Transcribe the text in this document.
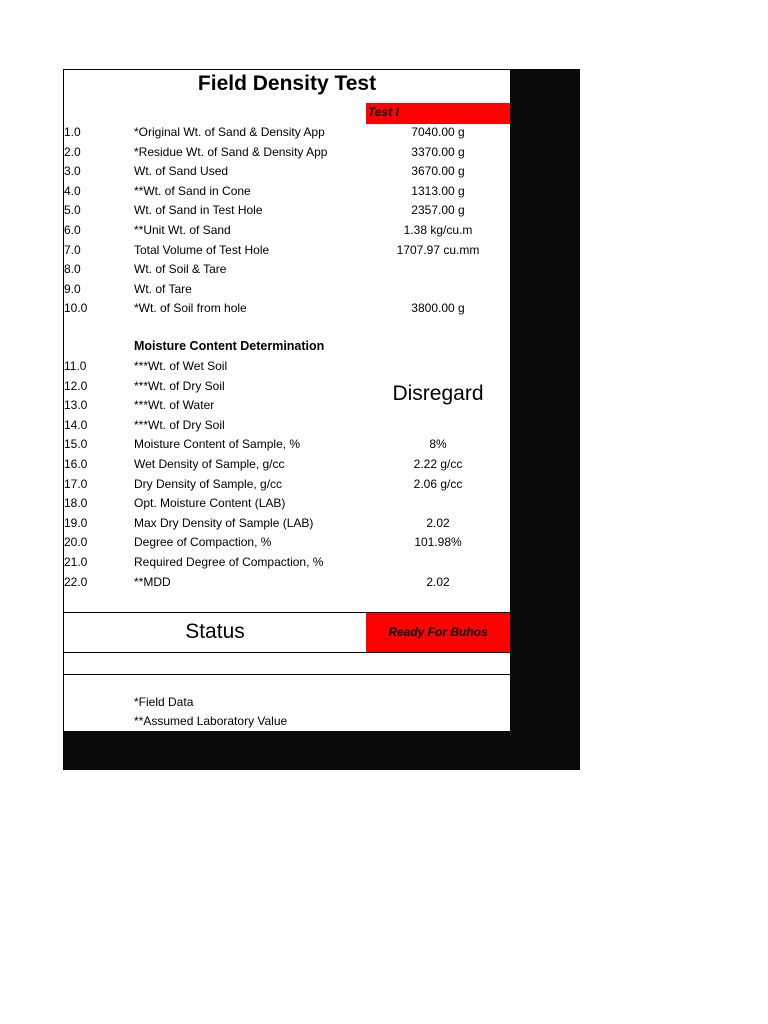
Field Density Test
Test I
1.0	*Original Wt. of Sand & Density App	7040.00 g
2.0	*Residue Wt. of Sand & Density App	3370.00 g
3.0	Wt. of Sand Used	3670.00 g
4.0	**Wt. of Sand in Cone	1313.00 g
5.0	Wt. of Sand in Test Hole	2357.00 g
6.0	**Unit Wt. of Sand	1.38 kg/cu.m
7.0	Total Volume of Test Hole	1707.97 cu.mm
8.0	Wt. of Soil & Tare
9.0	Wt. of Tare
10.0	*Wt. of Soil from hole	3800.00 g
Moisture Content Determination
Disregard
11.0	***Wt. of Wet Soil
12.0	***Wt. of Dry Soil
13.0	***Wt. of Water
14.0	***Wt. of Dry Soil
15.0	Moisture Content of Sample, %	8%
16.0	Wet Density of Sample, g/cc	2.22 g/cc
17.0	Dry Density of Sample, g/cc	2.06 g/cc
18.0	Opt. Moisture Content (LAB)
19.0	Max Dry Density of Sample (LAB)	2.02
20.0	Degree of Compaction, %	101.98%
21.0	Required Degree of Compaction, %
22.0	**MDD	2.02
Status	Ready For Buhos
*Field Data
**Assumed Laboratory Value
